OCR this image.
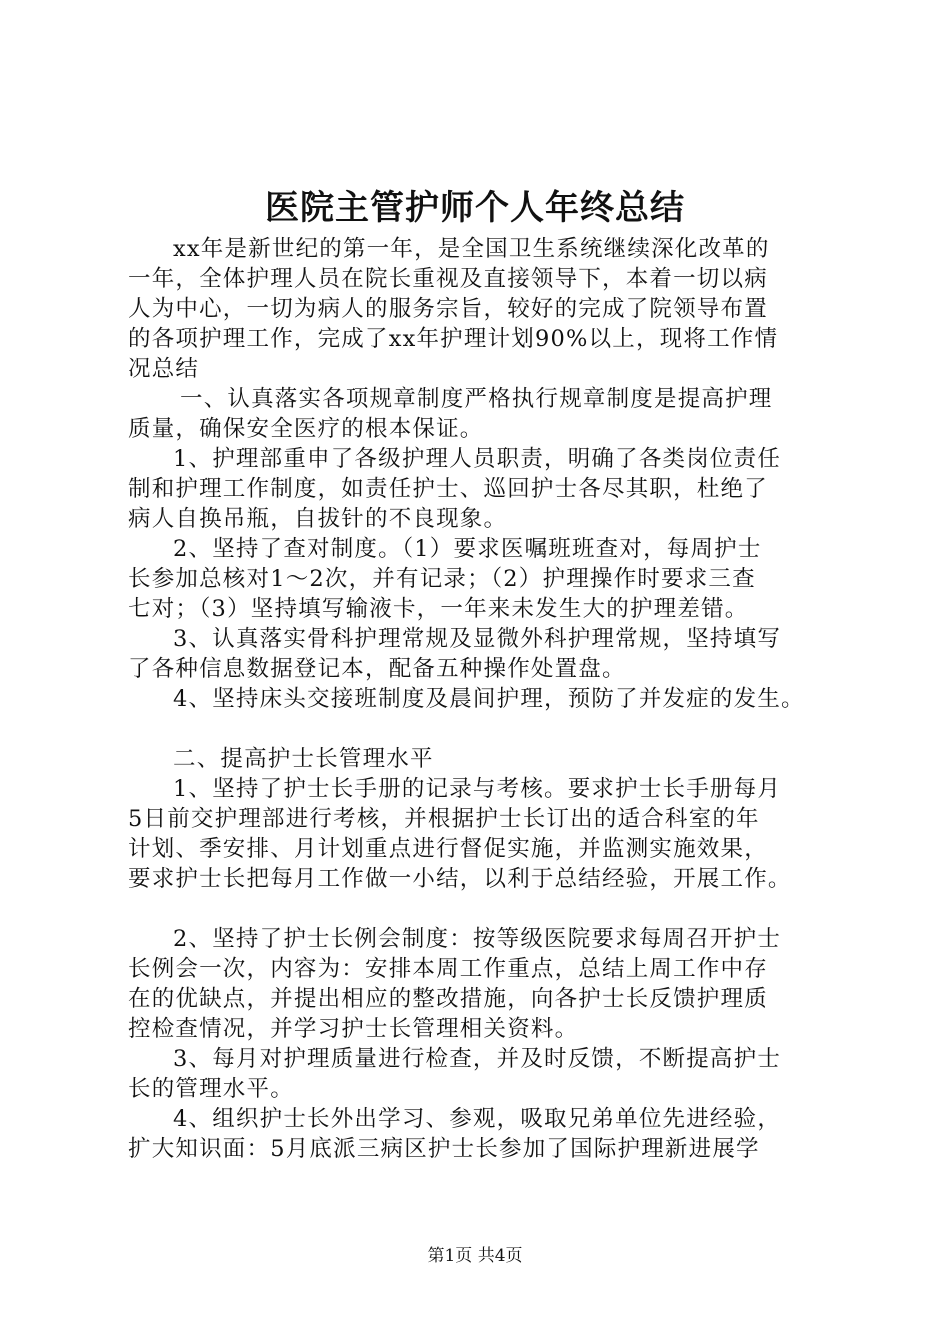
医院主管护师个人年终总结
xx年是新世纪的第一年，是全国卫生系统继续深化改革的
一年，全体护理人员在院长重视及直接领导下，本着一切以病
人为中心，一切为病人的服务宗旨，较好的完成了院领导布置
的各项护理工作，完成了xx年护理计划90%以上，现将工作情
况总结
一、认真落实各项规章制度严格执行规章制度是提高护理
质量，确保安全医疗的根本保证。
1、护理部重申了各级护理人员职责，明确了各类岗位责任
制和护理工作制度，如责任护士、巡回护士各尽其职，杜绝了
病人自换吊瓶，自拔针的不良现象。
2、坚持了查对制度。（1）要求医嘱班班查对，每周护士
长参加总核对1～2次，并有记录；（2）护理操作时要求三查
七对；（3）坚持填写输液卡，一年来未发生大的护理差错。
3、认真落实骨科护理常规及显微外科护理常规，坚持填写
了各种信息数据登记本，配备五种操作处置盘。
4、坚持床头交接班制度及晨间护理，预防了并发症的发生。
二、提高护士长管理水平
1、坚持了护士长手册的记录与考核。要求护士长手册每月
5日前交护理部进行考核，并根据护士长订出的适合科室的年
计划、季安排、月计划重点进行督促实施，并监测实施效果，
要求护士长把每月工作做一小结，以利于总结经验，开展工作。
2、坚持了护士长例会制度：按等级医院要求每周召开护士
长例会一次，内容为：安排本周工作重点，总结上周工作中存
在的优缺点，并提出相应的整改措施，向各护士长反馈护理质
控检查情况，并学习护士长管理相关资料。
3、每月对护理质量进行检查，并及时反馈，不断提高护士
长的管理水平。
4、组织护士长外出学习、参观，吸取兄弟单位先进经验，
扩大知识面：5月底派三病区护士长参加了国际护理新进展学
第1页 共4页
